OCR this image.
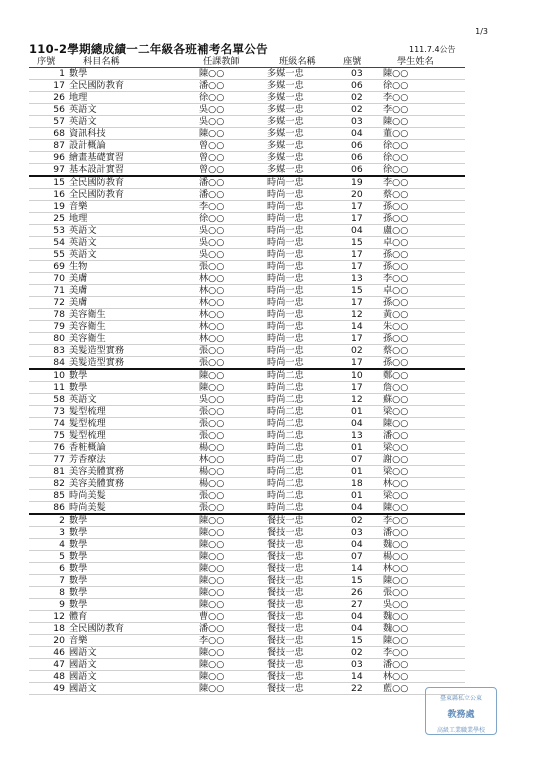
1/3
110-2學期總成績一二年級各班補考名單公告	111.7.4公告
序號	科目名稱	任課教師	班級名稱	座號	學生姓名
1	數學	陳○○	多媒一忠	03	陳○○
17	全民國防教育	潘○○	多媒一忠	06	徐○○
26	地理	徐○○	多媒一忠	02	李○○
56	英語文	吳○○	多媒一忠	02	李○○
57	英語文	吳○○	多媒一忠	03	陳○○
68	資訊科技	陳○○	多媒一忠	04	董○○
87	設計概論	曾○○	多媒一忠	06	徐○○
96	繪畫基礎實習	曾○○	多媒一忠	06	徐○○
97	基本設計實習	曾○○	多媒一忠	06	徐○○
15	全民國防教育	潘○○	時尚一忠	19	李○○
16	全民國防教育	潘○○	時尚一忠	20	蔡○○
19	音樂	李○○	時尚一忠	17	孫○○
25	地理	徐○○	時尚一忠	17	孫○○
53	英語文	吳○○	時尚一忠	04	盧○○
54	英語文	吳○○	時尚一忠	15	卓○○
55	英語文	吳○○	時尚一忠	17	孫○○
69	生物	張○○	時尚一忠	17	孫○○
70	美膚	林○○	時尚一忠	13	李○○
71	美膚	林○○	時尚一忠	15	卓○○
72	美膚	林○○	時尚一忠	17	孫○○
78	美容衛生	林○○	時尚一忠	12	黃○○
79	美容衛生	林○○	時尚一忠	14	朱○○
80	美容衛生	林○○	時尚一忠	17	孫○○
83	美髮造型實務	張○○	時尚一忠	02	蔡○○
84	美髮造型實務	張○○	時尚一忠	17	孫○○
10	數學	陳○○	時尚二忠	10	鄭○○
11	數學	陳○○	時尚二忠	17	詹○○
58	英語文	吳○○	時尚二忠	12	蘇○○
73	髮型梳理	張○○	時尚二忠	01	梁○○
74	髮型梳理	張○○	時尚二忠	04	陳○○
75	髮型梳理	張○○	時尚二忠	13	潘○○
76	香粧概論	楊○○	時尚二忠	01	梁○○
77	芳香療法	林○○	時尚二忠	07	謝○○
81	美容美體實務	楊○○	時尚二忠	01	梁○○
82	美容美體實務	楊○○	時尚二忠	18	林○○
85	時尚美髮	張○○	時尚二忠	01	梁○○
86	時尚美髮	張○○	時尚二忠	04	陳○○
2	數學	陳○○	餐技一忠	02	李○○
3	數學	陳○○	餐技一忠	03	潘○○
4	數學	陳○○	餐技一忠	04	魏○○
5	數學	陳○○	餐技一忠	07	楊○○
6	數學	陳○○	餐技一忠	14	林○○
7	數學	陳○○	餐技一忠	15	陳○○
8	數學	陳○○	餐技一忠	26	張○○
9	數學	陳○○	餐技一忠	27	吳○○
12	體育	曹○○	餐技一忠	04	魏○○
18	全民國防教育	潘○○	餐技一忠	04	魏○○
20	音樂	李○○	餐技一忠	15	陳○○
46	國語文	陳○○	餐技一忠	02	李○○
47	國語文	陳○○	餐技一忠	03	潘○○
48	國語文	陳○○	餐技一忠	14	林○○
49	國語文	陳○○	餐技一忠	22	藍○○
臺東縣私立公東
教務處
高級工業職業學校
